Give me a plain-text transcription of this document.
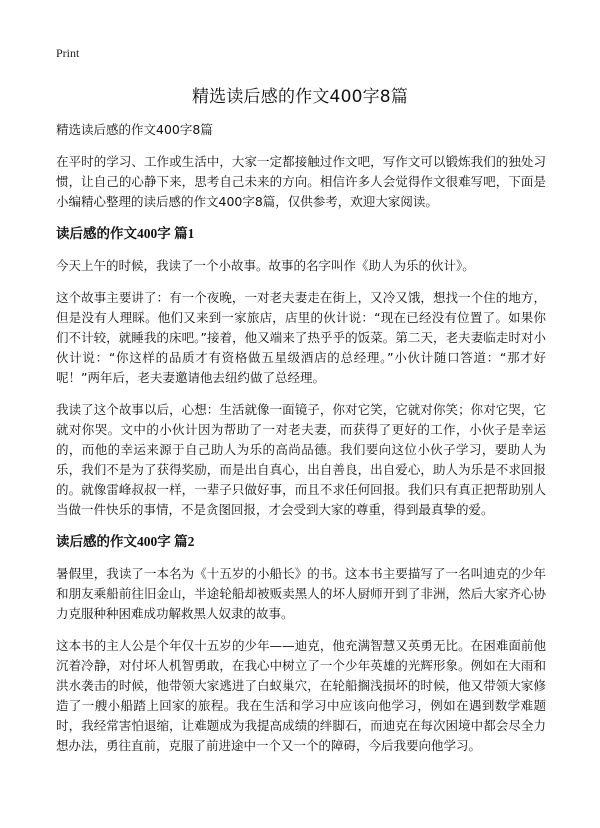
Print
精选读后感的作文400字8篇

精选读后感的作文400字8篇

在平时的学习、工作或生活中，大家一定都接触过作文吧，写作文可以锻炼我们的独处习惯，让自己的心静下来，思考自己未来的方向。相信许多人会觉得作文很难写吧，下面是小编精心整理的读后感的作文400字8篇，仅供参考，欢迎大家阅读。

读后感的作文400字 篇1

今天上午的时候，我读了一个小故事。故事的名字叫作《助人为乐的伙计》。

这个故事主要讲了：有一个夜晚，一对老夫妻走在街上，又冷又饿，想找一个住的地方，但是没有人理睬。他们又来到一家旅店，店里的伙计说：“现在已经没有位置了。如果你们不计较，就睡我的床吧。”接着，他又端来了热乎乎的饭菜。第二天，老夫妻临走时对小伙计说：“你这样的品质才有资格做五星级酒店的总经理。”小伙计随口答道：“那才好呢！”两年后，老夫妻邀请他去纽约做了总经理。

我读了这个故事以后，心想：生活就像一面镜子，你对它笑，它就对你笑；你对它哭，它就对你哭。文中的小伙计因为帮助了一对老夫妻，而获得了更好的工作，小伙子是幸运的，而他的幸运来源于自己助人为乐的高尚品德。我们要向这位小伙子学习，要助人为乐，我们不是为了获得奖励，而是出自真心，出自善良，出自爱心，助人为乐是不求回报的。就像雷峰叔叔一样，一辈子只做好事，而且不求任何回报。我们只有真正把帮助别人当做一件快乐的事情，不是贪图回报，才会受到大家的尊重，得到最真挚的爱。

读后感的作文400字 篇2

暑假里，我读了一本名为《十五岁的小船长》的书。这本书主要描写了一名叫迪克的少年和朋友乘船前往旧金山，半途轮船却被贩卖黑人的坏人厨师开到了非洲，然后大家齐心协力克服种种困难成功解救黑人奴隶的故事。

这本书的主人公是个年仅十五岁的少年——迪克，他充满智慧又英勇无比。在困难面前他沉着冷静，对付坏人机智勇敢，在我心中树立了一个少年英雄的光辉形象。例如在大雨和洪水袭击的时候，他带领大家逃进了白蚁巢穴，在轮船搁浅损坏的时候，他又带领大家修造了一艘小船踏上回家的旅程。我在生活和学习中应该向他学习，例如在遇到数学难题时，我经常害怕退缩，让难题成为我提高成绩的绊脚石，而迪克在每次困境中都会尽全力想办法，勇往直前，克服了前进途中一个又一个的障碍，今后我要向他学习。
